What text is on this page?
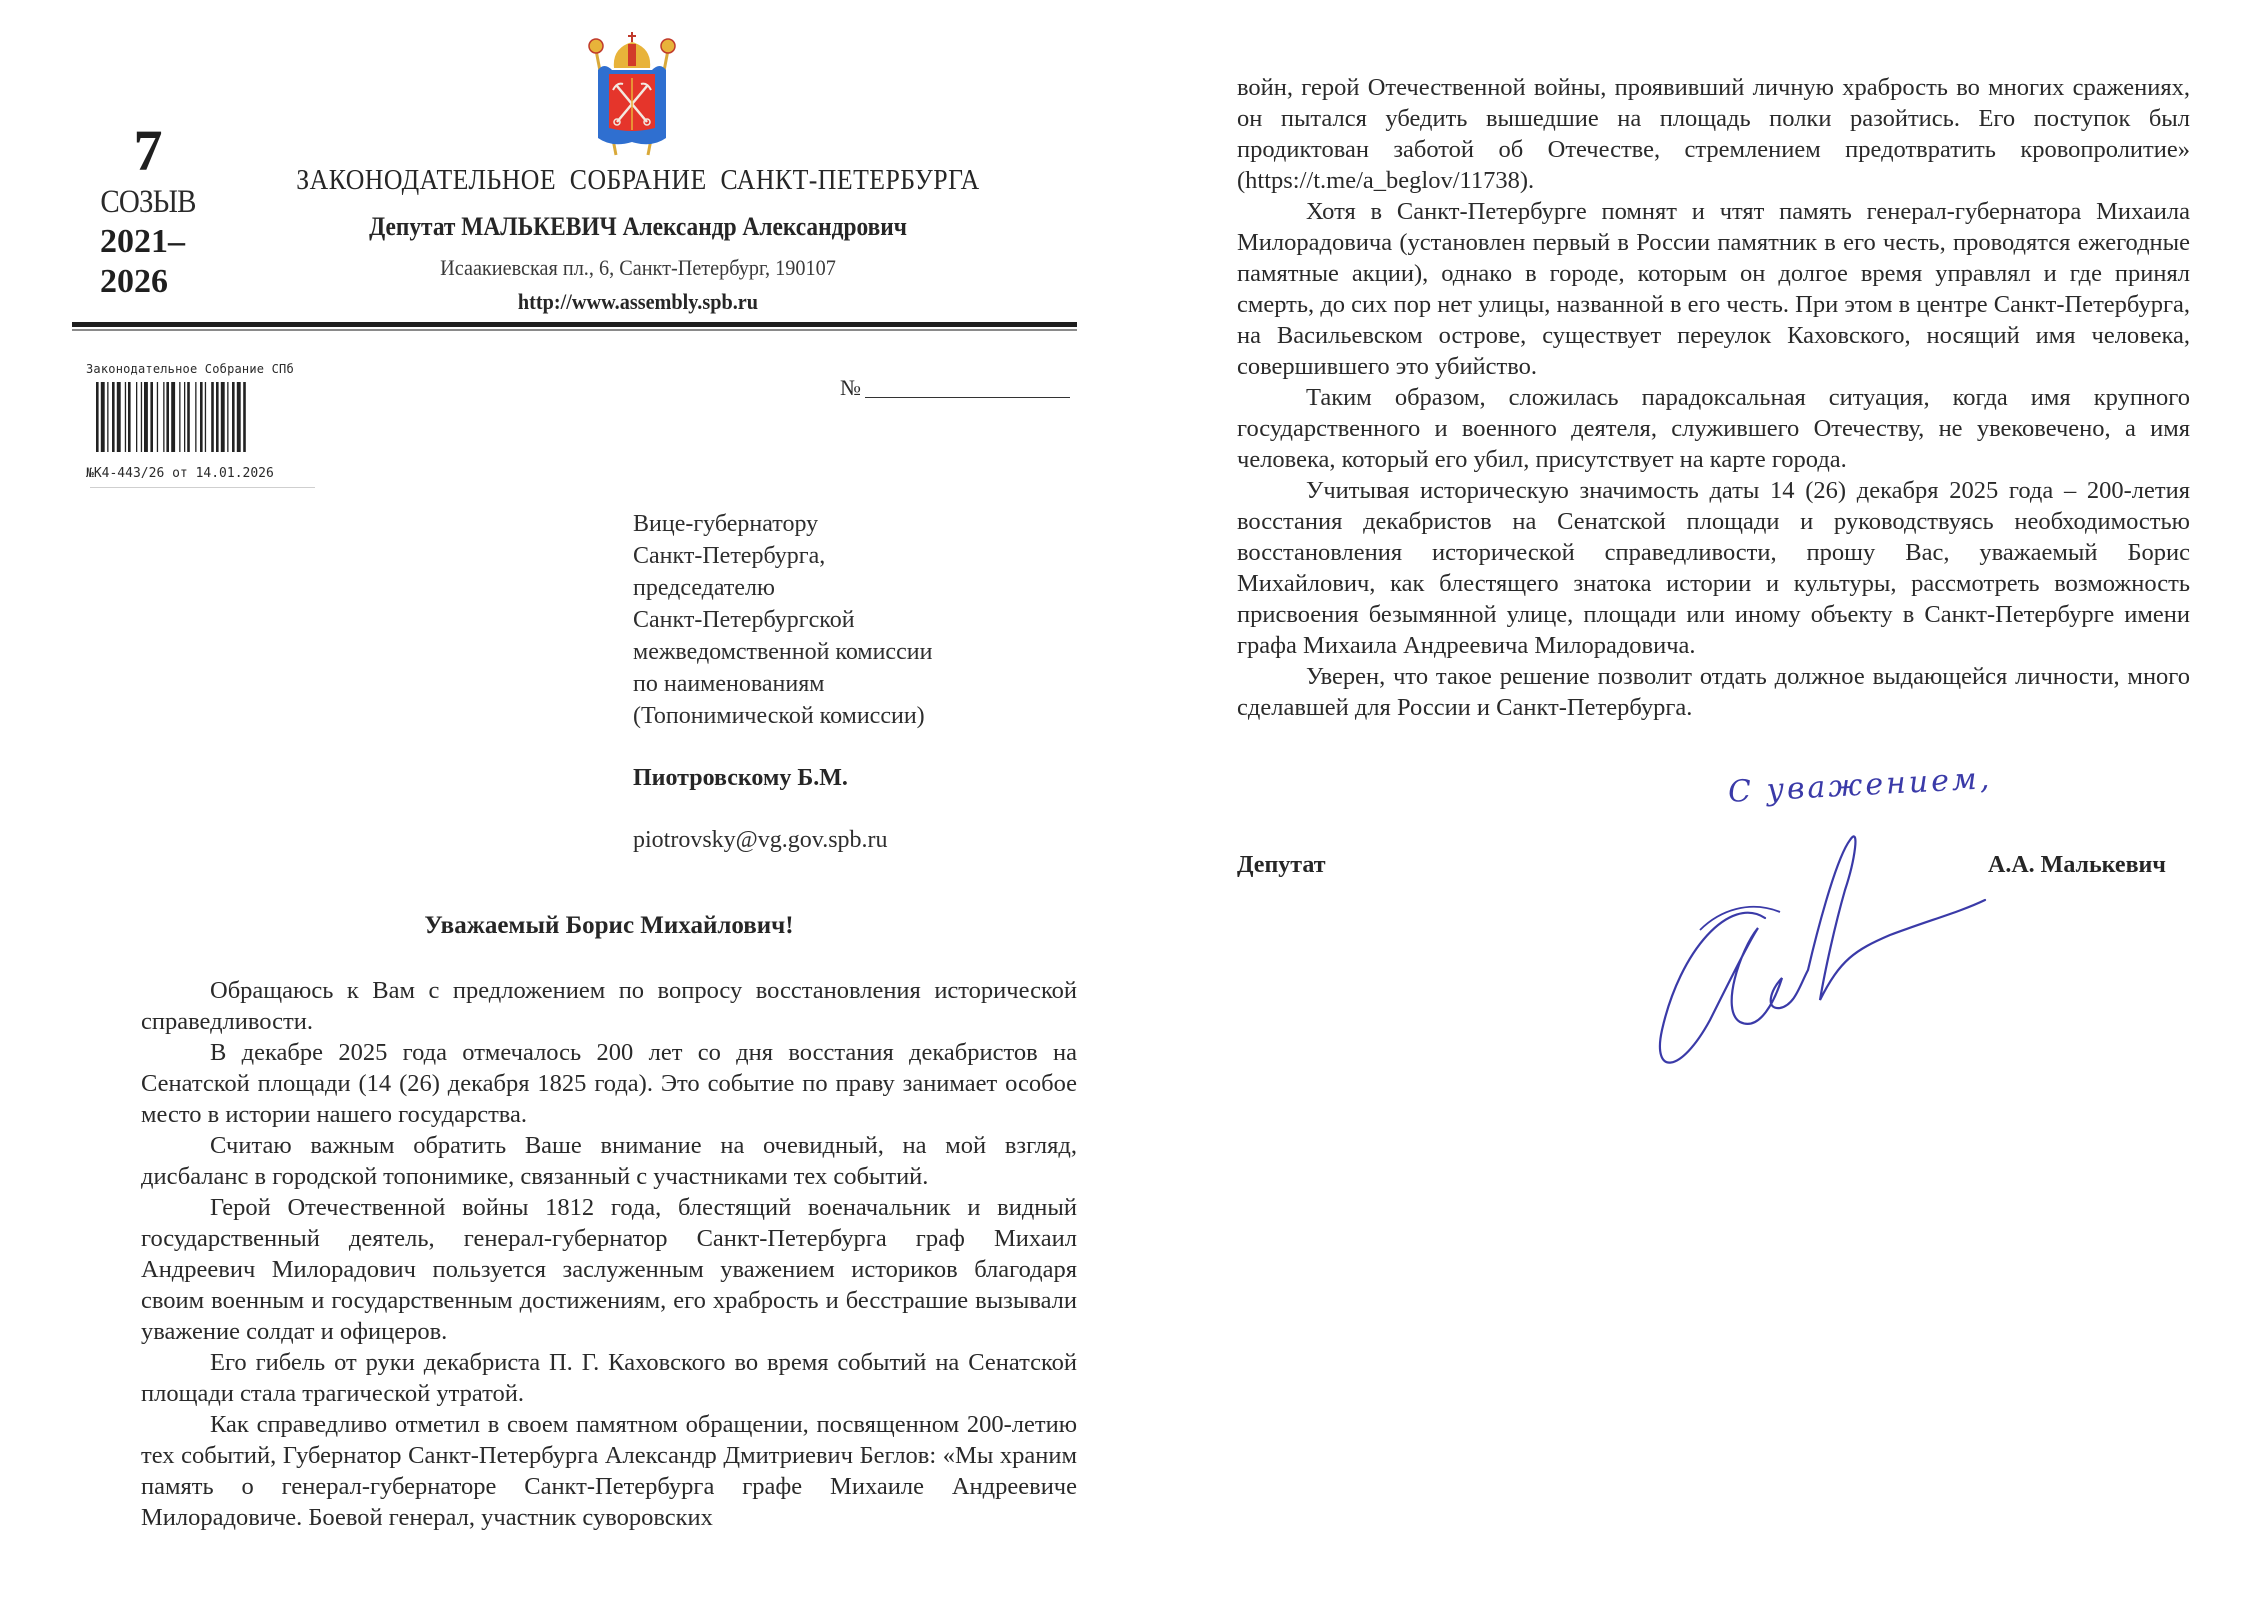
7
СОЗЫВ
2021–
2026
ЗАКОНОДАТЕЛЬНОЕ  СОБРАНИЕ  САНКТ-ПЕТЕРБУРГА
Депутат МАЛЬКЕВИЧ Александр Александрович
Исаакиевская пл., 6, Санкт-Петербург, 190107
http://www.assembly.spb.ru
Законодательное Собрание СПб
№К4-443/26 от 14.01.2026
№
Вице-губернатору
Санкт-Петербурга,
председателю
Санкт-Петербургской
межведомственной комиссии
по наименованиям
(Топонимической комиссии)
Пиотровскому Б.М.
piotrovsky@vg.gov.spb.ru
Уважаемый Борис Михайлович!

Обращаюсь к Вам с предложением по вопросу восстановления исторической справедливости.

В декабре 2025 года отмечалось 200 лет со дня восстания декабристов на Сенатской площади (14 (26) декабря 1825 года). Это событие по праву занимает особое место в истории нашего государства.

Считаю важным обратить Ваше внимание на очевидный, на мой взгляд, дисбаланс в городской топонимике, связанный с участниками тех событий.

Герой Отечественной войны 1812 года, блестящий военачальник и видный государственный деятель, генерал-губернатор Санкт-Петербурга граф Михаил Андреевич Милорадович пользуется заслуженным уважением историков благодаря своим военным и государственным достижениям, его храбрость и бесстрашие вызывали уважение солдат и офицеров.

Его гибель от руки декабриста П. Г. Каховского во время событий на Сенатской площади стала трагической утратой.

Как справедливо отметил в своем памятном обращении, посвященном 200-летию тех событий, Губернатор Санкт-Петербурга Александр Дмитриевич Беглов: «Мы храним память о генерал-губернаторе Санкт-Петербурга графе Михаиле Андреевиче Милорадовиче. Боевой генерал, участник суворовских

войн, герой Отечественной войны, проявивший личную храбрость во многих сражениях, он пытался убедить вышедшие на площадь полки разойтись. Его поступок был продиктован заботой об Отечестве, стремлением предотвратить кровопролитие» (https://t.me/a_beglov/11738).

Хотя в Санкт-Петербурге помнят и чтят память генерал-губернатора Михаила Милорадовича (установлен первый в России памятник в его честь, проводятся ежегодные памятные акции), однако в городе, которым он долгое время управлял и где принял смерть, до сих пор нет улицы, названной в его честь. При этом в центре Санкт-Петербурга, на Васильевском острове, существует переулок Каховского, носящий имя человека, совершившего это убийство.

Таким образом, сложилась парадоксальная ситуация, когда имя крупного государственного и военного деятеля, служившего Отечеству, не увековечено, а имя человека, который его убил, присутствует на карте города.

Учитывая историческую значимость даты 14 (26) декабря 2025 года – 200-летия восстания декабристов на Сенатской площади и руководствуясь необходимостью восстановления исторической справедливости, прошу Вас, уважаемый Борис Михайлович, как блестящего знатока истории и культуры, рассмотреть возможность присвоения безымянной улице, площади или иному объекту в Санкт-Петербурге имени графа Михаила Андреевича Милорадовича.

Уверен, что такое решение позволит отдать должное выдающейся личности, много сделавшей для России и Санкт-Петербурга.

С уважением,
Депутат	А.А. Малькевич
